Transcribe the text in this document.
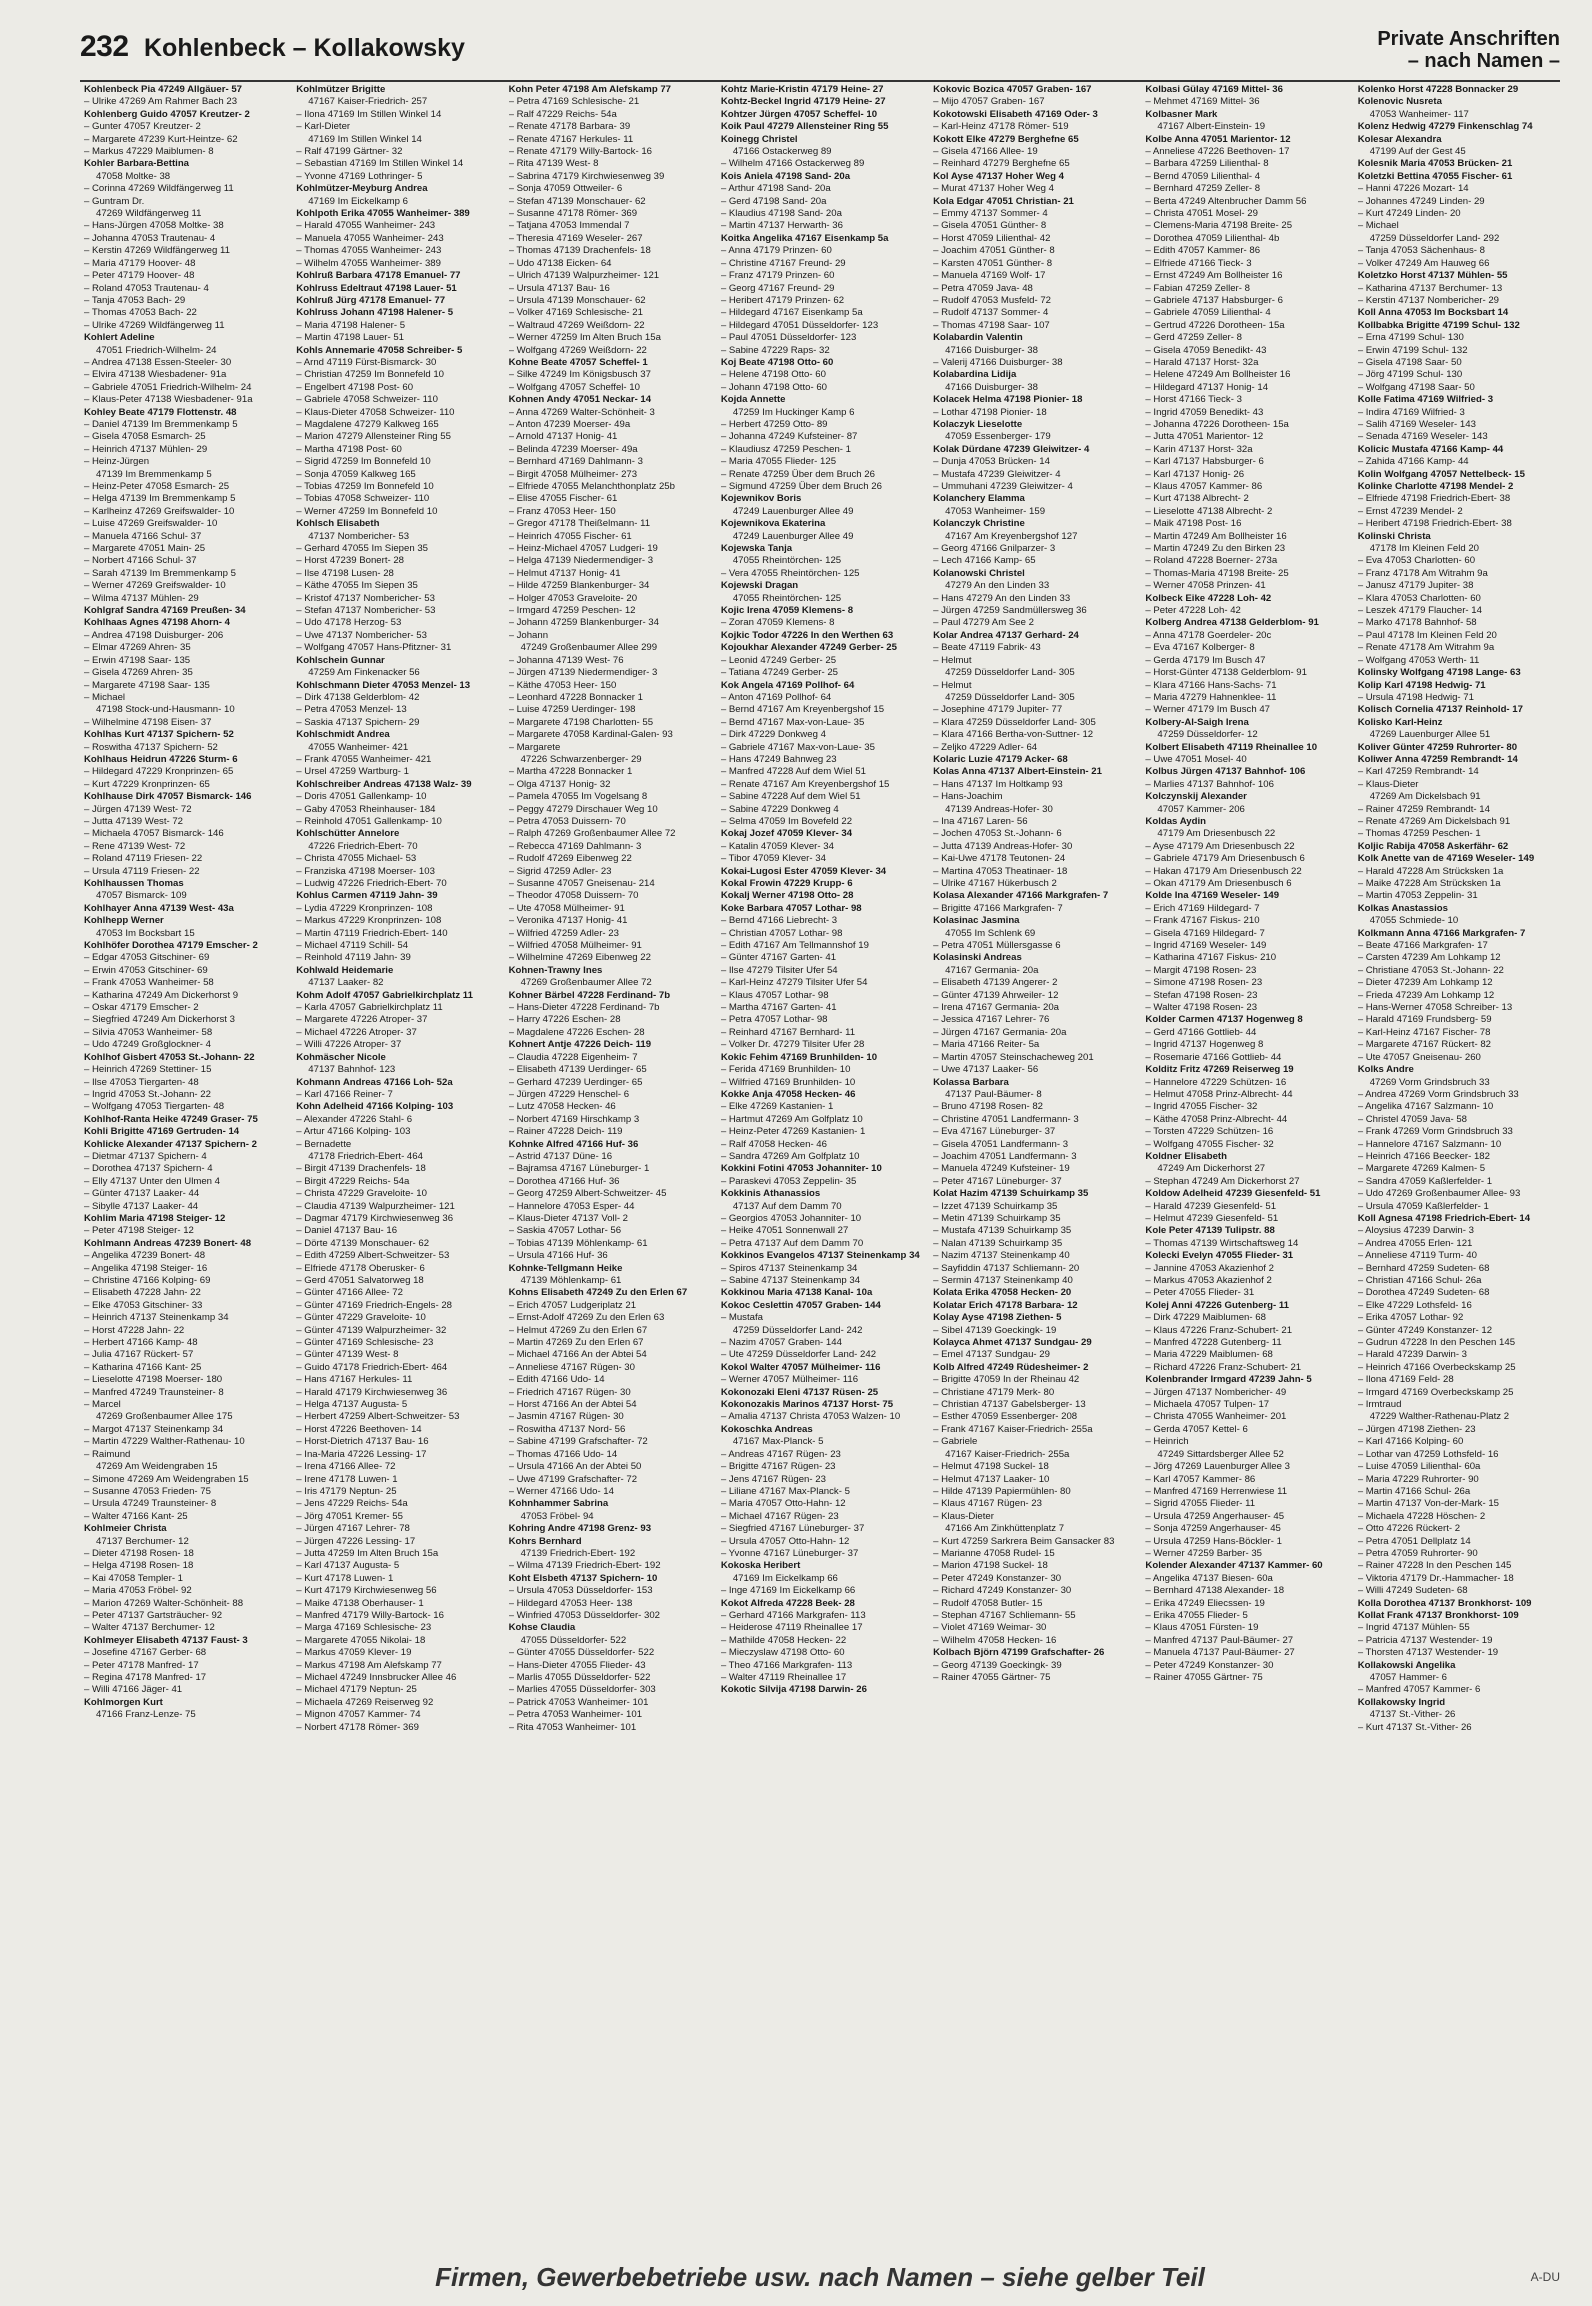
232 Kohlenbeck – Kollakowsky	Private Anschriften
– nach Namen –
Kohlenbeck Pia 47249 Allgäuer- 57
– Ulrike 47269 Am Rahmer Bach 23
Kohlenberg Guido 47057 Kreutzer- 2
– Gunter 47057 Kreutzer- 2
– Margarete 47239 Kurt-Heintze- 62
– Markus 47229 Maiblumen- 8
Kohler Barbara-Bettina
47058 Moltke- 38
– Corinna 47269 Wildfängerweg 11
– Guntram Dr.
47269 Wildfängerweg 11
– Hans-Jürgen 47058 Moltke- 38
– Johanna 47053 Trautenau- 4
– Kerstin 47269 Wildfängerweg 11
– Maria 47179 Hoover- 48
– Peter 47179 Hoover- 48
– Roland 47053 Trautenau- 4
– Tanja 47053 Bach- 29
– Thomas 47053 Bach- 22
– Ulrike 47269 Wildfängerweg 11
Kohlert Adeline
47051 Friedrich-Wilhelm- 24
– Andrea 47138 Essen-Steeler- 30
– Elvira 47138 Wiesbadener- 91a
– Gabriele 47051 Friedrich-Wilhelm- 24
– Klaus-Peter 47138 Wiesbadener- 91a
Kohley Beate 47179 Flottenstr. 48
– Daniel 47139 Im Bremmenkamp 5
– Gisela 47058 Esmarch- 25
– Heinrich 47137 Mühlen- 29
– Heinz-Jürgen
47139 Im Bremmenkamp 5
– Heinz-Peter 47058 Esmarch- 25
– Helga 47139 Im Bremmenkamp 5
– Karlheinz 47269 Greifswalder- 10
– Luise 47269 Greifswalder- 10
– Manuela 47166 Schul- 37
– Margarete 47051 Main- 25
– Norbert 47166 Schul- 37
– Sarah 47139 Im Bremmenkamp 5
– Werner 47269 Greifswalder- 10
– Wilma 47137 Mühlen- 29
Kohlgraf Sandra 47169 Preußen- 34
Kohlhaas Agnes 47198 Ahorn- 4
– Andrea 47198 Duisburger- 206
– Elmar 47269 Ahren- 35
– Erwin 47198 Saar- 135
– Gisela 47269 Ahren- 35
– Margarete 47198 Saar- 135
– Michael
47198 Stock-und-Hausmann- 10
– Wilhelmine 47198 Eisen- 37
Kohlhas Kurt 47137 Spichern- 52
– Roswitha 47137 Spichern- 52
Kohlhaus Heidrun 47226 Sturm- 6
– Hildegard 47229 Kronprinzen- 65
– Kurt 47229 Kronprinzen- 65
Kohlhause Dirk 47057 Bismarck- 146
– Jürgen 47139 West- 72
– Jutta 47139 West- 72
– Michaela 47057 Bismarck- 146
– Rene 47139 West- 72
– Roland 47119 Friesen- 22
– Ursula 47119 Friesen- 22
Kohlhaussen Thomas
47057 Bismarck- 109
Kohlhayer Anna 47139 West- 43a
Kohlhepp Werner
47053 Im Bocksbart 15
Kohlhöfer Dorothea 47179 Emscher- 2
– Edgar 47053 Gitschiner- 69
– Erwin 47053 Gitschiner- 69
– Frank 47053 Wanheimer- 58
– Katharina 47249 Am Dickerhorst 9
– Oskar 47179 Emscher- 2
– Siegfried 47249 Am Dickerhorst 3
– Silvia 47053 Wanheimer- 58
– Udo 47249 Großglockner- 4
Kohlhof Gisbert 47053 St.-Johann- 22
– Heinrich 47269 Stettiner- 15
– Ilse 47053 Tiergarten- 48
– Ingrid 47053 St.-Johann- 22
– Wolfgang 47053 Tiergarten- 48
Kohlhof-Ranta Heike 47249 Graser- 75
Kohli Brigitte 47169 Gertruden- 14
Kohlicke Alexander 47137 Spichern- 2
– Dietmar 47137 Spichern- 4
– Dorothea 47137 Spichern- 4
– Elly 47137 Unter den Ulmen 4
– Günter 47137 Laaker- 44
– Sibylle 47137 Laaker- 44
Kohlim Maria 47198 Steiger- 12
– Peter 47198 Steiger- 12
Kohlmann Andreas 47239 Bonert- 48
– Angelika 47239 Bonert- 48
– Angelika 47198 Steiger- 16
– Christine 47166 Kolping- 69
– Elisabeth 47228 Jahn- 22
– Elke 47053 Gitschiner- 33
– Heinrich 47137 Steinenkamp 34
– Horst 47228 Jahn- 22
– Herbert 47166 Kamp- 48
– Julia 47167 Rückert- 57
– Katharina 47166 Kant- 25
– Lieselotte 47198 Moerser- 180
– Manfred 47249 Traunsteiner- 8
– Marcel
47269 Großenbaumer Allee 175
– Margot 47137 Steinenkamp 34
– Martin 47229 Walther-Rathenau- 10
– Raimund
47269 Am Weidengraben 15
– Simone 47269 Am Weidengraben 15
– Susanne 47053 Frieden- 75
– Ursula 47249 Traunsteiner- 8
– Walter 47166 Kant- 25
Kohlmeier Christa
47137 Berchumer- 12
– Dieter 47198 Rosen- 18
– Helga 47198 Rosen- 18
– Kai 47058 Templer- 1
– Maria 47053 Fröbel- 92
– Marion 47269 Walter-Schönheit- 88
– Peter 47137 Gartsträucher- 92
– Walter 47137 Berchumer- 12
Kohlmeyer Elisabeth 47137 Faust- 3
– Josefine 47167 Gerber- 68
– Peter 47178 Manfred- 17
– Regina 47178 Manfred- 17
– Willi 47166 Jäger- 41
Kohlmorgen Kurt
47166 Franz-Lenze- 75
Kohlmützer Brigitte
47167 Kaiser-Friedrich- 257
– Ilona 47169 Im Stillen Winkel 14
– Karl-Dieter
47169 Im Stillen Winkel 14
– Ralf 47199 Gärtner- 32
– Sebastian 47169 Im Stillen Winkel 14
– Yvonne 47169 Lothringer- 5
Kohlmützer-Meyburg Andrea
47169 Im Eickelkamp 6
Kohlpoth Erika 47055 Wanheimer- 389
– Harald 47055 Wanheimer- 243
– Manuela 47055 Wanheimer- 243
– Thomas 47055 Wanheimer- 243
– Wilhelm 47055 Wanheimer- 389
Kohlruß Barbara 47178 Emanuel- 77
Kohlruss Edeltraut 47198 Lauer- 51
Kohlruß Jürg 47178 Emanuel- 77
Kohlruss Johann 47198 Halener- 5
– Maria 47198 Halener- 5
– Martin 47198 Lauer- 51
Kohls Annemarie 47058 Schreiber- 5
– Arnd 47119 Fürst-Bismarck- 30
– Christian 47259 Im Bonnefeld 10
– Engelbert 47198 Post- 60
– Gabriele 47058 Schweizer- 110
– Klaus-Dieter 47058 Schweizer- 110
– Magdalene 47279 Kalkweg 165
– Marion 47279 Allensteiner Ring 55
– Martha 47198 Post- 60
– Sigrid 47259 Im Bonnefeld 10
– Sonja 47059 Kalkweg 165
– Tobias 47259 Im Bonnefeld 10
– Tobias 47058 Schweizer- 110
– Werner 47259 Im Bonnefeld 10
Kohlsch Elisabeth
47137 Nombericher- 53
– Gerhard 47055 Im Siepen 35
– Horst 47239 Bonert- 28
– Ilse 47198 Lusen- 28
– Käthe 47055 Im Siepen 35
– Kristof 47137 Nombericher- 53
– Stefan 47137 Nombericher- 53
– Udo 47178 Herzog- 53
– Uwe 47137 Nombericher- 53
– Wolfgang 47057 Hans-Pfitzner- 31
Kohlschein Gunnar
47259 Am Finkenacker 56
Kohlschmann Dieter 47053 Menzel- 13
– Dirk 47138 Gelderblom- 42
– Petra 47053 Menzel- 13
– Saskia 47137 Spichern- 29
Kohlschmidt Andrea
47055 Wanheimer- 421
– Frank 47055 Wanheimer- 421
– Ursel 47259 Wartburg- 1
Kohlschreiber Andreas 47138 Walz- 39
– Doris 47051 Gallenkamp- 10
– Gaby 47053 Rheinhauser- 184
– Reinhold 47051 Gallenkamp- 10
Kohlschütter Annelore
47226 Friedrich-Ebert- 70
– Christa 47055 Michael- 53
– Franziska 47198 Moerser- 103
– Ludwig 47226 Friedrich-Ebert- 70
Kohlus Carmen 47119 Jahn- 39
– Lydia 47229 Kronprinzen- 108
– Markus 47229 Kronprinzen- 108
– Martin 47119 Friedrich-Ebert- 140
– Michael 47119 Schill- 54
– Reinhold 47119 Jahn- 39
Kohlwald Heidemarie
47137 Laaker- 82
Kohm Adolf 47057 Gabrielkirchplatz 11
– Karla 47057 Gabrielkirchplatz 11
– Margarete 47226 Atroper- 37
– Michael 47226 Atroper- 37
– Willi 47226 Atroper- 37
Kohmäscher Nicole
47137 Bahnhof- 123
Kohmann Andreas 47166 Loh- 52a
– Karl 47166 Reiner- 7
Kohn Adelheid 47166 Kolping- 103
– Alexander 47226 Stahl- 6
– Artur 47166 Kolping- 103
– Bernadette
47178 Friedrich-Ebert- 464
– Birgit 47139 Drachenfels- 18
– Birgit 47229 Reichs- 54a
– Christa 47229 Graveloite- 10
– Claudia 47139 Walpurzheimer- 121
– Dagmar 47179 Kirchwiesenweg 36
– Daniel 47137 Bau- 16
– Dörte 47139 Monschauer- 62
– Edith 47259 Albert-Schweitzer- 53
– Elfriede 47178 Oberusker- 6
– Gerd 47051 Salvatorweg 18
– Günter 47166 Allee- 72
– Günter 47169 Friedrich-Engels- 28
– Günter 47229 Graveloite- 10
– Günter 47139 Walpurzheimer- 32
– Günter 47169 Schlesische- 23
– Günter 47139 West- 8
– Guido 47178 Friedrich-Ebert- 464
– Hans 47167 Herkules- 11
– Harald 47179 Kirchwiesenweg 36
– Helga 47137 Augusta- 5
– Herbert 47259 Albert-Schweitzer- 53
– Horst 47226 Beethoven- 14
– Horst-Dietrich 47137 Bau- 16
– Ina-Maria 47226 Lessing- 17
– Irena 47166 Allee- 72
– Irene 47178 Luwen- 1
– Iris 47179 Neptun- 25
– Jens 47229 Reichs- 54a
– Jörg 47051 Kremer- 55
– Jürgen 47167 Lehrer- 78
– Jürgen 47226 Lessing- 17
– Jutta 47259 Im Alten Bruch 15a
– Karl 47137 Augusta- 5
– Kurt 47178 Luwen- 1
– Kurt 47179 Kirchwiesenweg 56
– Maike 47138 Oberhauser- 1
– Manfred 47179 Willy-Bartock- 16
– Marga 47169 Schlesische- 23
– Margarete 47055 Nikolai- 18
– Markus 47059 Klever- 19
– Markus 47198 Am Alefskamp 77
– Michael 47249 Innsbrucker Allee 46
– Michael 47179 Neptun- 25
– Michaela 47269 Reiserweg 92
– Mignon 47057 Kammer- 74
– Norbert 47178 Römer- 369
Kohn Peter 47198 Am Alefskamp 77
– Petra 47169 Schlesische- 21
– Ralf 47229 Reichs- 54a
– Renate 47178 Barbara- 39
– Renate 47167 Herkules- 11
– Renate 47179 Willy-Bartock- 16
– Rita 47139 West- 8
– Sabrina 47179 Kirchwiesenweg 39
– Sonja 47059 Ottweiler- 6
– Stefan 47139 Monschauer- 62
– Susanne 47178 Römer- 369
– Tatjana 47053 Immendal 7
– Theresia 47169 Weseler- 267
– Thomas 47139 Drachenfels- 18
– Udo 47138 Eicken- 64
– Ulrich 47139 Walpurzheimer- 121
– Ursula 47137 Bau- 16
– Ursula 47139 Monschauer- 62
– Volker 47169 Schlesische- 21
– Waltraud 47269 Weißdorn- 22
– Werner 47259 Im Alten Bruch 15a
– Wolfgang 47269 Weißdorn- 22
Kohne Beate 47057 Scheffel- 1
– Silke 47249 Im Königsbusch 37
– Wolfgang 47057 Scheffel- 10
Kohnen Andy 47051 Neckar- 14
– Anna 47269 Walter-Schönheit- 3
– Anton 47239 Moerser- 49a
– Arnold 47137 Honig- 41
– Belinda 47239 Moerser- 49a
– Bernhard 47169 Dahlmann- 3
– Birgit 47058 Mülheimer- 273
– Elfriede 47055 Melanchthonplatz 25b
– Elise 47055 Fischer- 61
– Franz 47053 Heer- 150
– Gregor 47178 Theißelmann- 11
– Heinrich 47055 Fischer- 61
– Heinz-Michael 47057 Ludgeri- 19
– Helga 47139 Niedermendiger- 3
– Helmut 47137 Honig- 41
– Hilde 47259 Blankenburger- 34
– Holger 47053 Graveloite- 20
– Irmgard 47259 Peschen- 12
– Johann 47259 Blankenburger- 34
– Johann
47249 Großenbaumer Allee 299
– Johanna 47139 West- 76
– Jürgen 47139 Niedermendiger- 3
– Käthe 47053 Heer- 150
– Leonhard 47228 Bonnacker 1
– Luise 47259 Uerdinger- 198
– Margarete 47198 Charlotten- 55
– Margarete 47058 Kardinal-Galen- 93
– Margarete
47226 Schwarzenberger- 29
– Martha 47228 Bonnacker 1
– Olga 47137 Honig- 32
– Pamela 47055 Im Vogelsang 8
– Peggy 47279 Dirschauer Weg 10
– Petra 47053 Duissern- 70
– Ralph 47269 Großenbaumer Allee 72
– Rebecca 47169 Dahlmann- 3
– Rudolf 47269 Eibenweg 22
– Sigrid 47259 Adler- 23
– Susanne 47057 Gneisenau- 214
– Theodor 47058 Duissern- 70
– Ute 47058 Mülheimer- 91
– Veronika 47137 Honig- 41
– Wilfried 47259 Adler- 23
– Wilfried 47058 Mülheimer- 91
– Wilhelmine 47269 Eibenweg 22
Kohnen-Trawny Ines
47269 Großenbaumer Allee 72
Kohner Bärbel 47228 Ferdinand- 7b
– Hans-Dieter 47228 Ferdinand- 7b
– Harry 47226 Eschen- 28
– Magdalene 47226 Eschen- 28
Kohnert Antje 47226 Deich- 119
– Claudia 47228 Eigenheim- 7
– Elisabeth 47139 Uerdinger- 65
– Gerhard 47239 Uerdinger- 65
– Jürgen 47229 Henschel- 6
– Lutz 47058 Hecken- 46
– Norbert 47169 Hirschkamp 3
– Rainer 47228 Deich- 119
Kohnke Alfred 47166 Huf- 36
– Astrid 47137 Düne- 16
– Bajramsa 47167 Lüneburger- 1
– Dorothea 47166 Huf- 36
– Georg 47259 Albert-Schweitzer- 45
– Hannelore 47053 Esper- 44
– Klaus-Dieter 47137 Voll- 2
– Saskia 47057 Lothar- 56
– Tobias 47139 Möhlenkamp- 61
– Ursula 47166 Huf- 36
Kohnke-Tellgmann Heike
47139 Möhlenkamp- 61
Kohns Elisabeth 47249 Zu den Erlen 67
– Erich 47057 Ludgeriplatz 21
– Ernst-Adolf 47269 Zu den Erlen 63
– Helmut 47269 Zu den Erlen 67
– Martin 47269 Zu den Erlen 67
– Michael 47166 An der Abtei 54
– Anneliese 47167 Rügen- 30
– Edith 47166 Udo- 14
– Friedrich 47167 Rügen- 30
– Horst 47166 An der Abtei 54
– Jasmin 47167 Rügen- 30
– Roswitha 47137 Nord- 56
– Sabine 47199 Grafschafter- 72
– Thomas 47166 Udo- 14
– Ursula 47166 An der Abtei 50
– Uwe 47199 Grafschafter- 72
– Werner 47166 Udo- 14
Kohnhammer Sabrina
47053 Fröbel- 94
Kohring Andre 47198 Grenz- 93
Kohrs Bernhard
47139 Friedrich-Ebert- 192
– Wilma 47139 Friedrich-Ebert- 192
Koht Elsbeth 47137 Spichern- 10
– Ursula 47053 Düsseldorfer- 153
– Hildegard 47053 Heer- 138
– Winfried 47053 Düsseldorfer- 302
Kohse Claudia
47055 Düsseldorfer- 522
– Günter 47055 Düsseldorfer- 522
– Hans-Dieter 47055 Flieder- 43
– Marlis 47055 Düsseldorfer- 522
– Marlies 47055 Düsseldorfer- 303
– Patrick 47053 Wanheimer- 101
– Petra 47053 Wanheimer- 101
– Rita 47053 Wanheimer- 101
Kohtz Marie-Kristin 47179 Heine- 27
Kohtz-Beckel Ingrid 47179 Heine- 27
Kohtzer Jürgen 47057 Scheffel- 10
Koik Paul 47279 Allensteiner Ring 55
Koinegg Christel
47166 Ostackerweg 89
– Wilhelm 47166 Ostackerweg 89
Kois Aniela 47198 Sand- 20a
– Arthur 47198 Sand- 20a
– Gerd 47198 Sand- 20a
– Klaudius 47198 Sand- 20a
– Martin 47137 Herwarth- 36
Koitka Angelika 47167 Eisenkamp 5a
– Anna 47179 Prinzen- 60
– Christine 47167 Freund- 29
– Franz 47179 Prinzen- 60
– Georg 47167 Freund- 29
– Heribert 47179 Prinzen- 62
– Hildegard 47167 Eisenkamp 5a
– Hildegard 47051 Düsseldorfer- 123
– Paul 47051 Düsseldorfer- 123
– Sabine 47229 Raps- 32
Koj Beate 47198 Otto- 60
– Helene 47198 Otto- 60
– Johann 47198 Otto- 60
Kojda Annette
47259 Im Huckinger Kamp 6
– Herbert 47259 Otto- 89
– Johanna 47249 Kufsteiner- 87
– Klaudiusz 47259 Peschen- 1
– Maria 47055 Flieder- 125
– Renate 47259 Über dem Bruch 26
– Sigmund 47259 Über dem Bruch 26
Kojewnikov Boris
47249 Lauenburger Allee 49
Kojewnikova Ekaterina
47249 Lauenburger Allee 49
Kojewska Tanja
47055 Rheintörchen- 125
– Vera 47055 Rheintörchen- 125
Kojewski Dragan
47055 Rheintörchen- 125
Kojic Irena 47059 Klemens- 8
– Zoran 47059 Klemens- 8
Kojkic Todor 47226 In den Werthen 63
Kojoukhar Alexander 47249 Gerber- 25
– Leonid 47249 Gerber- 25
– Tatiana 47249 Gerber- 25
Kok Angela 47169 Pollhof- 64
– Anton 47169 Pollhof- 64
– Bernd 47167 Am Kreyenbergshof 15
– Bernd 47167 Max-von-Laue- 35
– Dirk 47229 Donkweg 4
– Gabriele 47167 Max-von-Laue- 35
– Hans 47249 Bahnweg 23
– Manfred 47228 Auf dem Wiel 51
– Renate 47167 Am Kreyenbergshof 15
– Sabine 47228 Auf dem Wiel 51
– Sabine 47229 Donkweg 4
– Selma 47059 Im Bovefeld 22
Kokaj Jozef 47059 Klever- 34
– Katalin 47059 Klever- 34
– Tibor 47059 Klever- 34
Kokai-Lugosi Ester 47059 Klever- 34
Kokal Frowin 47229 Krupp- 6
Kokalj Werner 47198 Otto- 28
Koke Barbara 47057 Lothar- 98
– Bernd 47166 Liebrecht- 3
– Christian 47057 Lothar- 98
– Edith 47167 Am Tellmannshof 19
– Günter 47167 Garten- 41
– Ilse 47279 Tilsiter Ufer 54
– Karl-Heinz 47279 Tilsiter Ufer 54
– Klaus 47057 Lothar- 98
– Martha 47167 Garten- 41
– Petra 47057 Lothar- 98
– Reinhard 47167 Bernhard- 11
– Volker Dr. 47279 Tilsiter Ufer 28
Kokic Fehim 47169 Brunhilden- 10
– Ferida 47169 Brunhilden- 10
– Wilfried 47169 Brunhilden- 10
Kokke Anja 47058 Hecken- 46
– Elke 47269 Kastanien- 1
– Hartmut 47269 Am Golfplatz 10
– Heinz-Peter 47269 Kastanien- 1
– Ralf 47058 Hecken- 46
– Sandra 47269 Am Golfplatz 10
Kokkini Fotini 47053 Johanniter- 10
– Paraskevi 47053 Zeppelin- 35
Kokkinis Athanassios
47137 Auf dem Damm 70
– Georgios 47053 Johanniter- 10
– Heike 47051 Sonnenwall 27
– Petra 47137 Auf dem Damm 70
Kokkinos Evangelos 47137 Steinenkamp 34
– Spiros 47137 Steinenkamp 34
– Sabine 47137 Steinenkamp 34
Kokkinou Maria 47138 Kanal- 10a
Kokoc Ceslettin 47057 Graben- 144
– Mustafa
47259 Düsseldorfer Land- 242
– Nazim 47057 Graben- 144
– Ute 47259 Düsseldorfer Land- 242
Kokol Walter 47057 Mülheimer- 116
– Werner 47057 Mülheimer- 116
Kokonozaki Eleni 47137 Rüsen- 25
Kokonozakis Marinos 47137 Horst- 75
– Amalia 47137 Christa 47053 Walzen- 10
Kokoschka Andreas
47167 Max-Planck- 5
– Andreas 47167 Rügen- 23
– Brigitte 47167 Rügen- 23
– Jens 47167 Rügen- 23
– Liliane 47167 Max-Planck- 5
– Maria 47057 Otto-Hahn- 12
– Michael 47167 Rügen- 23
– Siegfried 47167 Lüneburger- 37
– Ursula 47057 Otto-Hahn- 12
– Yvonne 47167 Lüneburger- 37
Kokoska Heribert
47169 Im Eickelkamp 66
– Inge 47169 Im Eickelkamp 66
Kokot Alfreda 47228 Beek- 28
– Gerhard 47166 Markgrafen- 113
– Heiderose 47119 Rheinallee 17
– Mathilde 47058 Hecken- 22
– Mieczyslaw 47198 Otto- 60
– Theo 47166 Markgrafen- 113
– Walter 47119 Rheinallee 17
Kokotic Silvija 47198 Darwin- 26
Kokovic Bozica 47057 Graben- 167
– Mijo 47057 Graben- 167
Kokotowski Elisabeth 47169 Oder- 3
– Karl-Heinz 47178 Römer- 519
Kokott Elke 47279 Berghefne 65
– Gisela 47166 Allee- 19
– Reinhard 47279 Berghefne 65
Kol Ayse 47137 Hoher Weg 4
– Murat 47137 Hoher Weg 4
Kola Edgar 47051 Christian- 21
– Emmy 47137 Sommer- 4
– Gisela 47051 Günther- 8
– Horst 47059 Lilienthal- 42
– Joachim 47051 Günther- 8
– Karsten 47051 Günther- 8
– Manuela 47169 Wolf- 17
– Petra 47059 Java- 48
– Rudolf 47053 Musfeld- 72
– Rudolf 47137 Sommer- 4
– Thomas 47198 Saar- 107
Kolabardin Valentin
47166 Duisburger- 38
– Valerij 47166 Duisburger- 38
Kolabardina Lidija
47166 Duisburger- 38
Kolacek Helma 47198 Pionier- 18
– Lothar 47198 Pionier- 18
Kolaczyk Lieselotte
47059 Essenberger- 179
Kolak Dürdane 47239 Gleiwitzer- 4
– Dunja 47053 Brücken- 14
– Mustafa 47239 Gleiwitzer- 4
– Ummuhani 47239 Gleiwitzer- 4
Kolanchery Elamma
47053 Wanheimer- 159
Kolanczyk Christine
47167 Am Kreyenbergshof 127
– Georg 47166 Gnilparzer- 3
– Lech 47166 Kamp- 65
Kolanowski Christel
47279 An den Linden 33
– Hans 47279 An den Linden 33
– Jürgen 47259 Sandmüllersweg 36
– Paul 47279 Am See 2
Kolar Andrea 47137 Gerhard- 24
– Beate 47119 Fabrik- 43
– Helmut
47259 Düsseldorfer Land- 305
– Helmut
47259 Düsseldorfer Land- 305
– Josephine 47179 Jupiter- 77
– Klara 47259 Düsseldorfer Land- 305
– Klara 47166 Bertha-von-Suttner- 12
– Zeljko 47229 Adler- 64
Kolaric Luzie 47179 Acker- 68
Kolas Anna 47137 Albert-Einstein- 21
– Hans 47137 Im Holtkamp 93
– Hans-Joachim
47139 Andreas-Hofer- 30
– Ina 47167 Laren- 56
– Jochen 47053 St.-Johann- 6
– Jutta 47139 Andreas-Hofer- 30
– Kai-Uwe 47178 Teutonen- 24
– Martina 47053 Theatinaer- 18
– Ulrike 47167 Hükerbusch 2
Kolasa Alexander 47166 Markgrafen- 7
– Brigitte 47166 Markgrafen- 7
Kolasinac Jasmina
47055 Im Schlenk 69
– Petra 47051 Müllersgasse 6
Kolasinski Andreas
47167 Germania- 20a
– Elisabeth 47139 Angerer- 2
– Günter 47139 Ahrweiler- 12
– Irena 47167 Germania- 20a
– Jessica 47167 Lehrer- 76
– Jürgen 47167 Germania- 20a
– Maria 47166 Reiter- 5a
– Martin 47057 Steinschacheweg 201
– Uwe 47137 Laaker- 56
Kolassa Barbara
47137 Paul-Bäumer- 8
– Bruno 47198 Rosen- 82
– Christine 47051 Landfermann- 3
– Eva 47167 Lüneburger- 37
– Gisela 47051 Landfermann- 3
– Joachim 47051 Landfermann- 3
– Manuela 47249 Kufsteiner- 19
– Peter 47167 Lüneburger- 37
Kolat Hazim 47139 Schuirkamp 35
– Izzet 47139 Schuirkamp 35
– Metin 47139 Schuirkamp 35
– Mustafa 47139 Schuirkamp 35
– Nalan 47139 Schuirkamp 35
– Nazim 47137 Steinenkamp 40
– Sayfiddin 47137 Schliemann- 20
– Sermin 47137 Steinenkamp 40
Kolata Erika 47058 Hecken- 20
Kolatar Erich 47178 Barbara- 12
Kolay Ayse 47198 Ziethen- 5
– Sibel 47139 Goeckingk- 19
Kolayca Ahmet 47137 Sundgau- 29
– Emel 47137 Sundgau- 29
Kolb Alfred 47249 Rüdesheimer- 2
– Brigitte 47059 In der Rheinau 42
– Christiane 47179 Merk- 80
– Christian 47137 Gabelsberger- 13
– Esther 47059 Essenberger- 208
– Frank 47167 Kaiser-Friedrich- 255a
– Gabriele
47167 Kaiser-Friedrich- 255a
– Helmut 47198 Suckel- 18
– Helmut 47137 Laaker- 10
– Hilde 47139 Papiermühlen- 80
– Klaus 47167 Rügen- 23
– Klaus-Dieter
47166 Am Zinkhüttenplatz 7
– Kurt 47259 Sarkrera Beim Gansacker 83
– Marianne 47058 Rudel- 15
– Marion 47198 Suckel- 18
– Peter 47249 Konstanzer- 30
– Richard 47249 Konstanzer- 30
– Rudolf 47058 Butler- 15
– Stephan 47167 Schliemann- 55
– Violet 47169 Weimar- 30
– Wilhelm 47058 Hecken- 16
Kolbach Björn 47199 Grafschafter- 26
– Georg 47139 Goeckingk- 39
– Rainer 47055 Gärtner- 75
Kolbasi Gülay 47169 Mittel- 36
– Mehmet 47169 Mittel- 36
Kolbasner Mark
47167 Albert-Einstein- 19
Kolbe Anna 47051 Marientor- 12
– Anneliese 47226 Beethoven- 17
– Barbara 47259 Lilienthal- 8
– Bernd 47059 Lilienthal- 4
– Bernhard 47259 Zeller- 8
– Berta 47249 Altenbrucher Damm 56
– Christa 47051 Mosel- 29
– Clemens-Maria 47198 Breite- 25
– Dorothea 47059 Lilienthal- 4b
– Edith 47057 Kammer- 86
– Elfriede 47166 Tieck- 3
– Ernst 47249 Am Bollheister 16
– Fabian 47259 Zeller- 8
– Gabriele 47137 Habsburger- 6
– Gabriele 47059 Lilienthal- 4
– Gertrud 47226 Dorotheen- 15a
– Gerd 47259 Zeller- 8
– Gisela 47059 Benedikt- 43
– Harald 47137 Horst- 32a
– Helene 47249 Am Bollheister 16
– Hildegard 47137 Honig- 14
– Horst 47166 Tieck- 3
– Ingrid 47059 Benedikt- 43
– Johanna 47226 Dorotheen- 15a
– Jutta 47051 Marientor- 12
– Karin 47137 Horst- 32a
– Karl 47137 Habsburger- 6
– Karl 47137 Honig- 26
– Klaus 47057 Kammer- 86
– Kurt 47138 Albrecht- 2
– Lieselotte 47138 Albrecht- 2
– Maik 47198 Post- 16
– Martin 47249 Am Bollheister 16
– Martin 47249 Zu den Birken 23
– Roland 47228 Boerner- 273a
– Thomas-Maria 47198 Breite- 25
– Werner 47058 Prinzen- 41
Kolbeck Eike 47228 Loh- 42
– Peter 47228 Loh- 42
Kolberg Andrea 47138 Gelderblom- 91
– Anna 47178 Goerdeler- 20c
– Eva 47167 Kolberger- 8
– Gerda 47179 Im Busch 47
– Horst-Günter 47138 Gelderblom- 91
– Klara 47166 Hans-Sachs- 71
– Maria 47279 Hahnenklee- 11
– Werner 47179 Im Busch 47
Kolbery-Al-Saigh Irena
47259 Düsseldorfer- 12
Kolbert Elisabeth 47119 Rheinallee 10
– Uwe 47051 Mosel- 40
Kolbus Jürgen 47137 Bahnhof- 106
– Marlies 47137 Bahnhof- 106
Kolczynskij Alexander
47057 Kammer- 206
Koldas Aydin
47179 Am Driesenbusch 22
– Ayse 47179 Am Driesenbusch 22
– Gabriele 47179 Am Driesenbusch 6
– Hakan 47179 Am Driesenbusch 22
– Okan 47179 Am Driesenbusch 6
Kolde Ina 47169 Weseler- 149
– Erich 47169 Hildegard- 7
– Frank 47167 Fiskus- 210
– Gisela 47169 Hildegard- 7
– Ingrid 47169 Weseler- 149
– Katharina 47167 Fiskus- 210
– Margit 47198 Rosen- 23
– Simone 47198 Rosen- 23
– Stefan 47198 Rosen- 23
– Walter 47198 Rosen- 23
Kolder Carmen 47137 Hogenweg 8
– Gerd 47166 Gottlieb- 44
– Ingrid 47137 Hogenweg 8
– Rosemarie 47166 Gottlieb- 44
Kolditz Fritz 47269 Reiserweg 19
– Hannelore 47229 Schützen- 16
– Helmut 47058 Prinz-Albrecht- 44
– Ingrid 47055 Fischer- 32
– Käthe 47058 Prinz-Albrecht- 44
– Torsten 47229 Schützen- 16
– Wolfgang 47055 Fischer- 32
Koldner Elisabeth
47249 Am Dickerhorst 27
– Stephan 47249 Am Dickerhorst 27
Koldow Adelheid 47239 Giesenfeld- 51
– Harald 47239 Giesenfeld- 51
– Helmut 47239 Giesenfeld- 51
Kole Peter 47139 Tulipstr. 88
– Thomas 47139 Wirtschaftsweg 14
Kolecki Evelyn 47055 Flieder- 31
– Jannine 47053 Akazienhof 2
– Markus 47053 Akazienhof 2
– Peter 47055 Flieder- 31
Kolej Anni 47226 Gutenberg- 11
– Dirk 47229 Maiblumen- 68
– Klaus 47226 Franz-Schubert- 21
– Manfred 47228 Gutenberg- 11
– Maria 47229 Maiblumen- 68
– Richard 47226 Franz-Schubert- 21
Kolenbrander Irmgard 47239 Jahn- 5
– Jürgen 47137 Nombericher- 49
– Michaela 47057 Tulpen- 17
– Christa 47055 Wanheimer- 201
– Gerda 47057 Kettel- 6
– Heinrich
47249 Sittardsberger Allee 52
– Jörg 47269 Lauenburger Allee 3
– Karl 47057 Kammer- 86
– Manfred 47169 Herrenwiese 11
– Sigrid 47055 Flieder- 11
– Ursula 47259 Angerhauser- 45
– Sonja 47259 Angerhauser- 45
– Ursula 47259 Hans-Böckler- 1
– Werner 47259 Barber- 35
Kolender Alexander 47137 Kammer- 60
– Angelika 47137 Biesen- 60a
– Bernhard 47138 Alexander- 18
– Erika 47249 Eliecssen- 19
– Erika 47055 Flieder- 5
– Klaus 47051 Fürsten- 19
– Manfred 47137 Paul-Bäumer- 27
– Manuela 47137 Paul-Bäumer- 27
– Peter 47249 Konstanzer- 30
– Rainer 47055 Gärtner- 75
Kolenko Horst 47228 Bonnacker 29
Kolenovic Nusreta
47053 Wanheimer- 117
Kolenz Hedwig 47279 Finkenschlag 74
Kolesar Alexandra
47199 Auf der Gest 45
Kolesnik Maria 47053 Brücken- 21
Koletzki Bettina 47055 Fischer- 61
– Hanni 47226 Mozart- 14
– Johannes 47249 Linden- 29
– Kurt 47249 Linden- 20
– Michael
47259 Düsseldorfer Land- 292
– Tanja 47053 Sächenhaus- 8
– Volker 47249 Am Hauweg 66
Koletzko Horst 47137 Mühlen- 55
– Katharina 47137 Berchumer- 13
– Kerstin 47137 Nombericher- 29
Koll Anna 47053 Im Bocksbart 14
Kollbabka Brigitte 47199 Schul- 132
– Erna 47199 Schul- 130
– Erwin 47199 Schul- 132
– Gisela 47198 Saar- 50
– Jörg 47199 Schul- 130
– Wolfgang 47198 Saar- 50
Kolle Fatima 47169 Wilfried- 3
– Indira 47169 Wilfried- 3
– Salih 47169 Weseler- 143
– Senada 47169 Weseler- 143
Kolicic Mustafa 47166 Kamp- 44
– Zahida 47166 Kamp- 44
Kolin Wolfgang 47057 Nettelbeck- 15
Kolinke Charlotte 47198 Mendel- 2
– Elfriede 47198 Friedrich-Ebert- 38
– Ernst 47239 Mendel- 2
– Heribert 47198 Friedrich-Ebert- 38
Kolinski Christa
47178 Im Kleinen Feld 20
– Eva 47053 Charlotten- 60
– Franz 47178 Am Witrahm 9a
– Janusz 47179 Jupiter- 38
– Klara 47053 Charlotten- 60
– Leszek 47179 Flaucher- 14
– Marko 47178 Bahnhof- 58
– Paul 47178 Im Kleinen Feld 20
– Renate 47178 Am Witrahm 9a
– Wolfgang 47053 Werth- 11
Kolinsky Wolfgang 47198 Lange- 63
Kolip Karl 47198 Hedwig- 71
– Ursula 47198 Hedwig- 71
Kolisch Cornelia 47137 Reinhold- 17
Kolisko Karl-Heinz
47269 Lauenburger Allee 51
Koliver Günter 47259 Ruhrorter- 80
Koliwer Anna 47259 Rembrandt- 14
– Karl 47259 Rembrandt- 14
– Klaus-Dieter
47269 Am Dickelsbach 91
– Rainer 47259 Rembrandt- 14
– Renate 47269 Am Dickelsbach 91
– Thomas 47259 Peschen- 1
Koljic Rabija 47058 Askerfähr- 62
Kolk Anette van de 47169 Weseler- 149
– Harald 47228 Am Strücksken 1a
– Maike 47228 Am Strücksken 1a
– Martin 47053 Zeppelin- 31
Kolkas Anastassios
47055 Schmiede- 10
Kolkmann Anna 47166 Markgrafen- 7
– Beate 47166 Markgrafen- 17
– Carsten 47239 Am Lohkamp 12
– Christiane 47053 St.-Johann- 22
– Dieter 47239 Am Lohkamp 12
– Frieda 47239 Am Lohkamp 12
– Hans-Werner 47058 Schreiber- 13
– Harald 47169 Frundsberg- 59
– Karl-Heinz 47167 Fischer- 78
– Margarete 47167 Rückert- 82
– Ute 47057 Gneisenau- 260
Kolks Andre
47269 Vorm Grindsbruch 33
– Andrea 47269 Vorm Grindsbruch 33
– Angelika 47167 Salzmann- 10
– Christel 47059 Java- 58
– Frank 47269 Vorm Grindsbruch 33
– Hannelore 47167 Salzmann- 10
– Heinrich 47166 Beecker- 182
– Margarete 47269 Kalmen- 5
– Sandra 47059 Kaßlerfelder- 1
– Udo 47269 Großenbaumer Allee- 93
– Ursula 47059 Kaßlerfelder- 1
Koll Agnesa 47198 Friedrich-Ebert- 14
– Aloysius 47239 Darwin- 3
– Andrea 47055 Erlen- 121
– Anneliese 47119 Turm- 40
– Bernhard 47259 Sudeten- 68
– Christian 47166 Schul- 26a
– Dorothea 47249 Sudeten- 68
– Elke 47229 Lothsfeld- 16
– Erika 47057 Lothar- 92
– Günter 47249 Konstanzer- 12
– Gudrun 47228 In den Peschen 145
– Harald 47239 Darwin- 3
– Heinrich 47166 Overbeckskamp 25
– Ilona 47169 Feld- 28
– Irmgard 47169 Overbeckskamp 25
– Irmtraud
47229 Walther-Rathenau-Platz 2
– Jürgen 47198 Ziethen- 23
– Karl 47166 Kolping- 60
– Lothar van 47259 Lothsfeld- 16
– Luise 47059 Lilienthal- 60a
– Maria 47229 Ruhrorter- 90
– Martin 47166 Schul- 26a
– Martin 47137 Von-der-Mark- 15
– Michaela 47228 Höschen- 2
– Otto 47226 Rückert- 2
– Petra 47051 Dellplatz 14
– Petra 47059 Ruhrorter- 90
– Rainer 47228 In den Peschen 145
– Viktoria 47179 Dr.-Hammacher- 18
– Willi 47249 Sudeten- 68
Kolla Dorothea 47137 Bronkhorst- 109
Kollat Frank 47137 Bronkhorst- 109
– Ingrid 47137 Mühlen- 55
– Patricia 47137 Westender- 19
– Thorsten 47137 Westender- 19
Kollakowski Angelika
47057 Hammer- 6
– Manfred 47057 Kammer- 6
Kollakowsky Ingrid
47137 St.-Vither- 26
– Kurt 47137 St.-Vither- 26
Firmen, Gewerbebetriebe usw. nach Namen – siehe gelber Teil	A-DU
